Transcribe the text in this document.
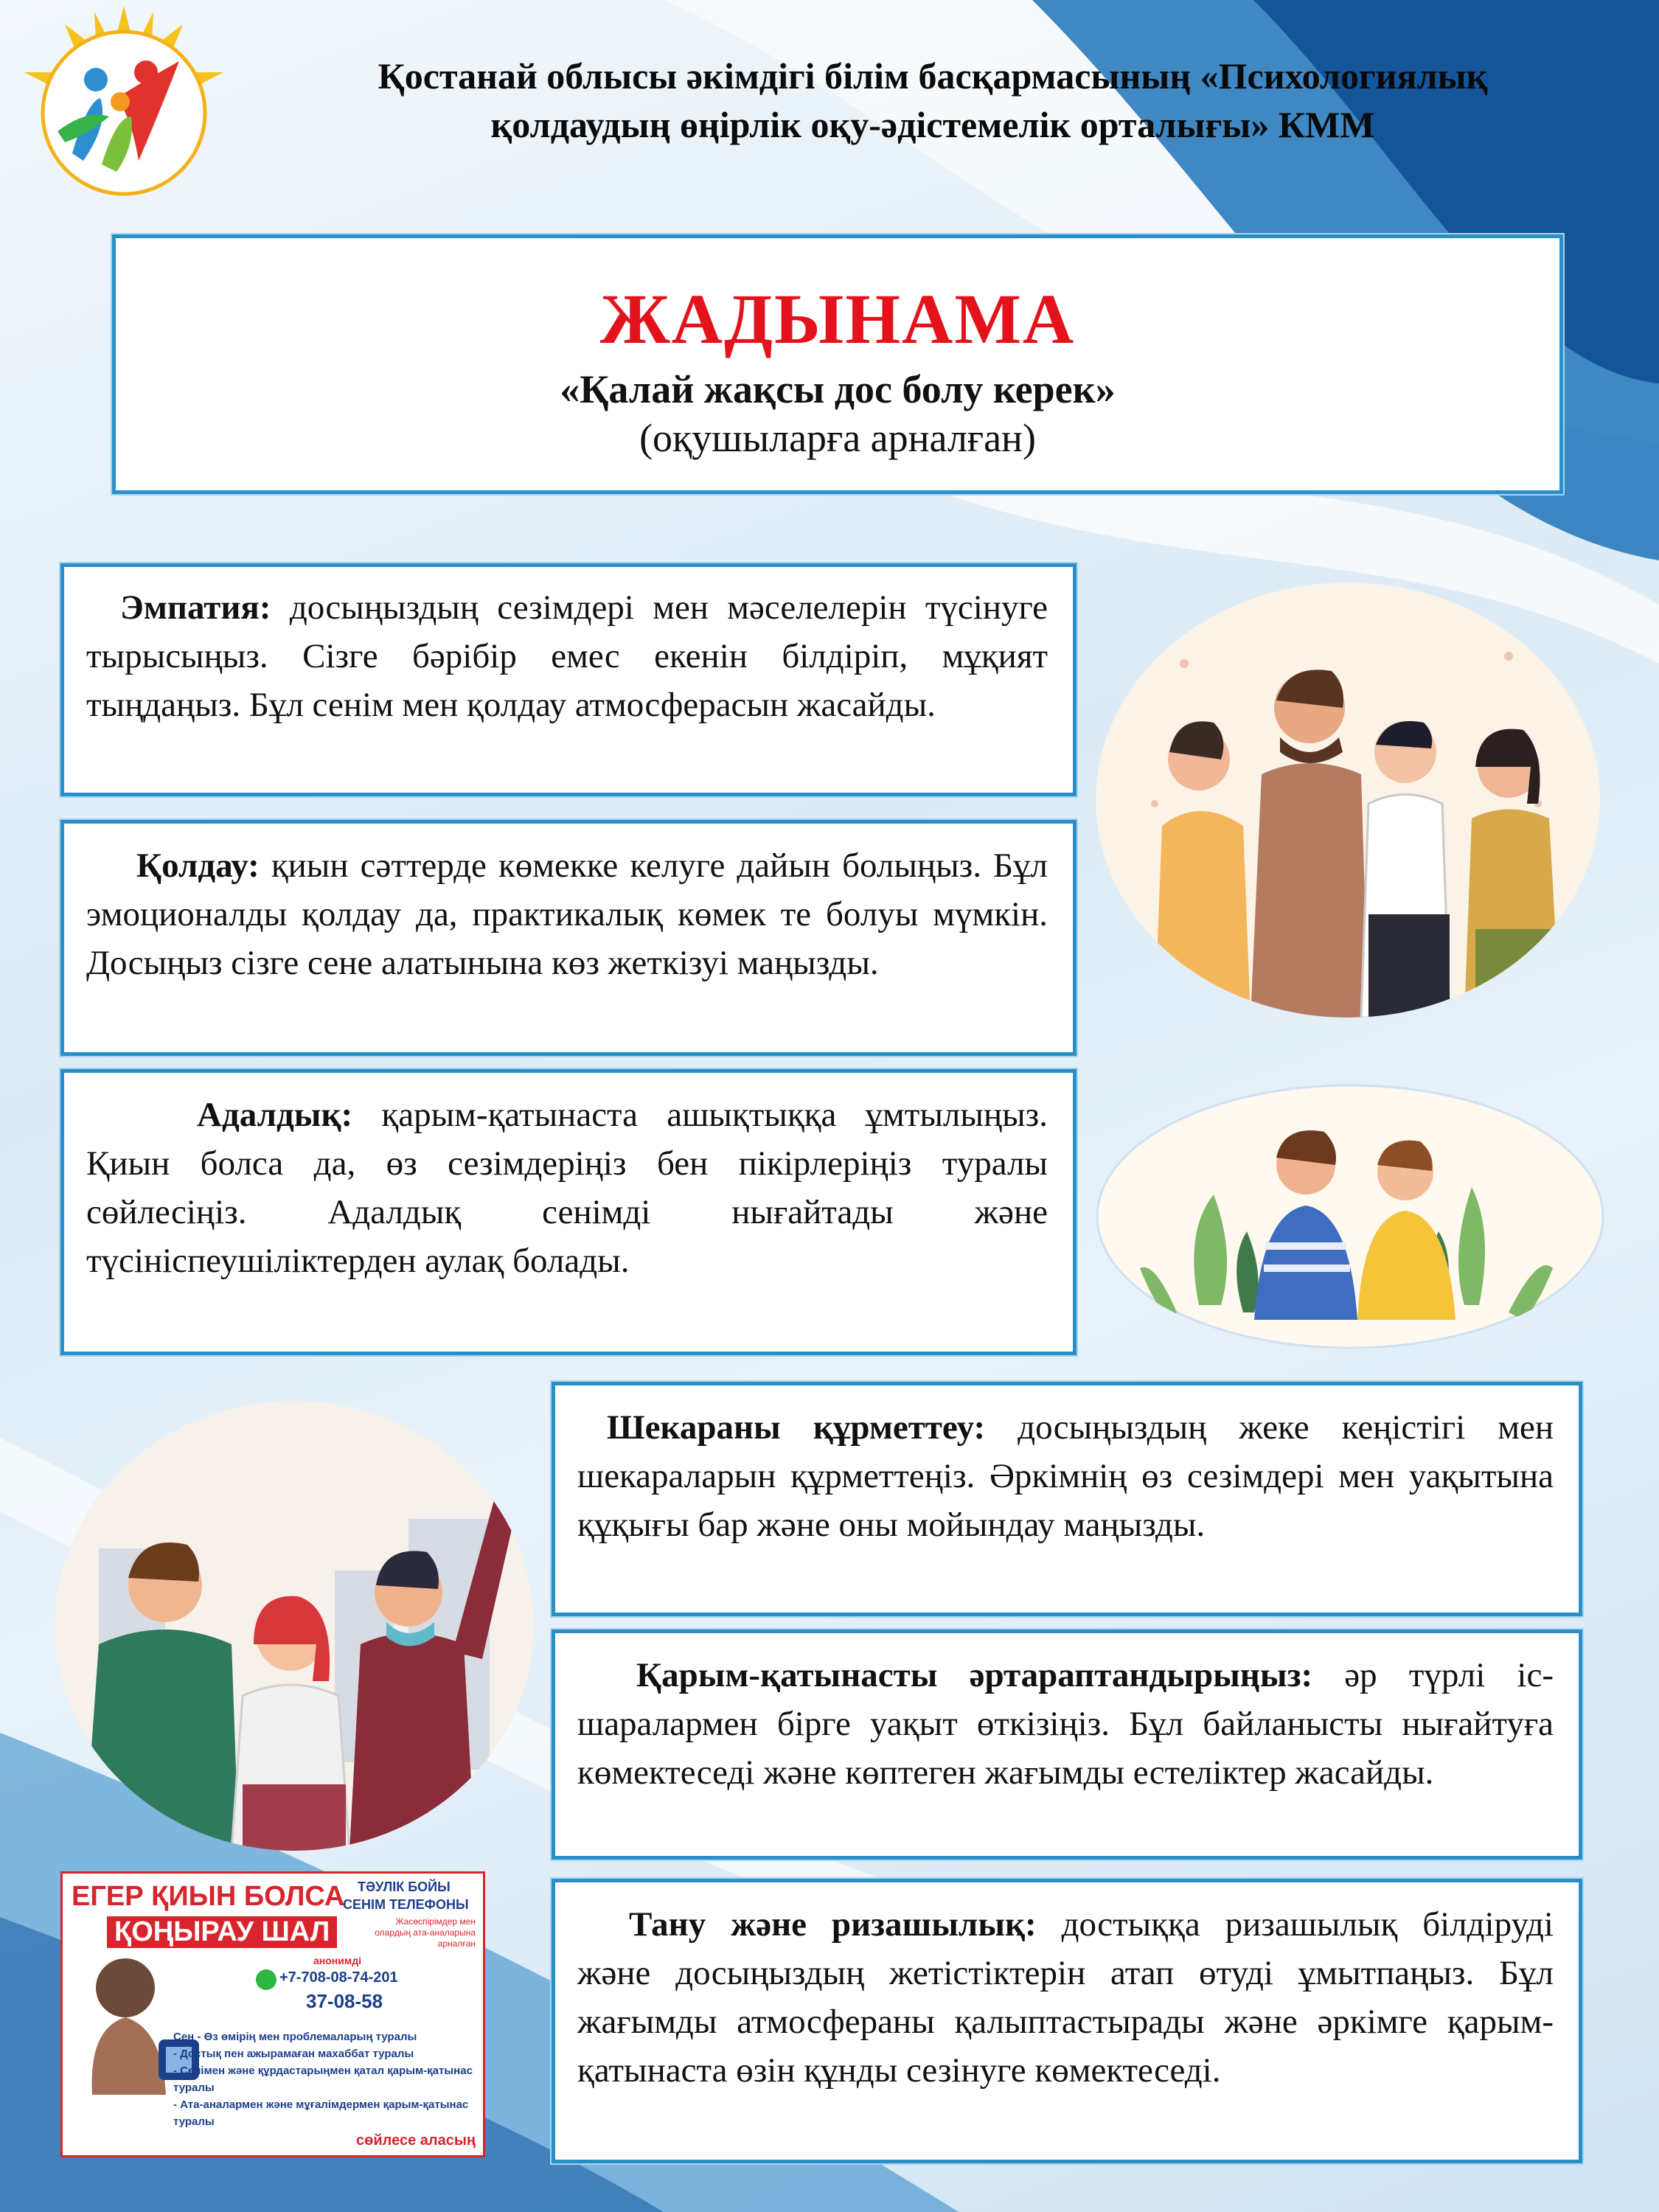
Қостанай облысы әкімдігі білім басқармасының «Психологиялық
қолдаудың өңірлік оқу-әдістемелік орталығы» КММ
ЖАДЫНАМА
«Қалай жақсы дос болу керек»
(оқушыларға арналған)
Эмпатия: досыңыздың сезімдері мен мәселелерін түсінуге тырысыңыз. Сізге бәрібір емес екенін білдіріп, мұқият тыңдаңыз. Бұл сенім мен қолдау атмосферасын жасайды.
Қолдау: қиын сәттерде көмекке келуге дайын болыңыз. Бұл эмоционалды қолдау да, практикалық көмек те болуы мүмкін. Досыңыз сізге сене алатынына көз жеткізуі маңызды.
Адалдық: қарым-қатынаста ашықтыққа ұмтылыңыз. Қиын болса да, өз сезімдеріңіз бен пікірлеріңіз туралы сөйлесіңіз. Адалдық сенімді нығайтады және түсініспеушіліктерден аулақ болады.
Шекараны құрметтеу: досыңыздың жеке кеңістігі мен шекараларын құрметтеңіз. Әркімнің өз сезімдері мен уақытына құқығы бар және оны мойындау маңызды.
Қарым-қатынасты әртараптандырыңыз: әр түрлі іс-шаралармен бірге уақыт өткізіңіз. Бұл байланысты нығайтуға көмектеседі және көптеген жағымды естеліктер жасайды.
Тану және ризашылық: достыққа ризашылық білдіруді және досыңыздың жетістіктерін атап өтуді ұмытпаңыз. Бұл жағымды атмосфераны қалыптастырады және әркімге қарым-қатынаста өзін құнды сезінуге көмектеседі.
ЕГЕР ҚИЫН БОЛСА
ҚОҢЫРАУ ШАЛ
ТӘУЛІК БОЙЫ
СЕНІМ ТЕЛЕФОНЫ
Жасөспірімдер мен олардың ата-аналарына арналған
анонимді
+7-708-08-74-201
37-08-58
Сен - Өз өмірің мен проблемаларың туралы
- Достық пен ажырамаған махаббат туралы
- Сенімен және құрдастарыңмен қатал қарым-қатынас туралы
- Ата-аналармен және мұғалімдермен қарым-қатынас туралы
сөйлесе аласың
